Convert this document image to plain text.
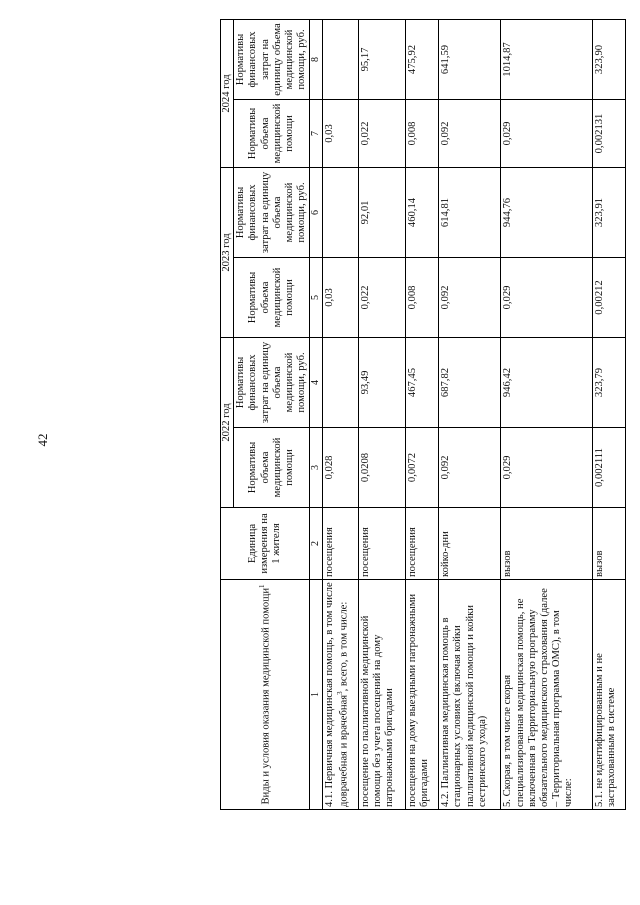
42
Виды и условия оказания медицинской помощи$^1$	Единица измерения на 1 жителя	2022 год		2023 год		2024 год	
		Нормативы объема медицинской помощи	Нормативы финансовых затрат на единицу объема медицинской помощи, руб.	Нормативы объема медицинской помощи	Нормативы финансовых затрат на единицу объема медицинской помощи, руб.	Нормативы объема медицинской помощи	Нормативы финансовых затрат на единицу объема медицинской помощи, руб.
1	2	3	4	5	6	7	8
4.1. Первичная медицинская помощь, в том числе доврачебная и врачебная$^3$, всего, в том числе:	посещения	0,028		0,03		0,03	
посещение по паллиативной медицинской помощи без учета посещений на дому патронажными бригадами	посещения	0,0208	93,49	0,022	92,01	0,022	95,17
посещения на дому выездными патронажными бригадами	посещения	0,0072	467,45	0,008	460,14	0,008	475,92
4.2. Паллиативная медицинская помощь в стационарных условиях (включая койки паллиативной медицинской помощи и койки сестринского ухода)	койко-дни	0,092	687,82	0,092	614,81	0,092	641,59
5. Скорая, в том числе скорая специализированная медицинская помощь, не включенная в Территориальную программу обязательного медицинского страхования (далее – Территориальная программа ОМС), в том числе:	вызов	0,029	946,42	0,029	944,76	0,029	1014,87
5.1. не идентифицированным и не застрахованным в системе	вызов	0,002111	323,79	0,00212	323,91	0,002131	323,90
